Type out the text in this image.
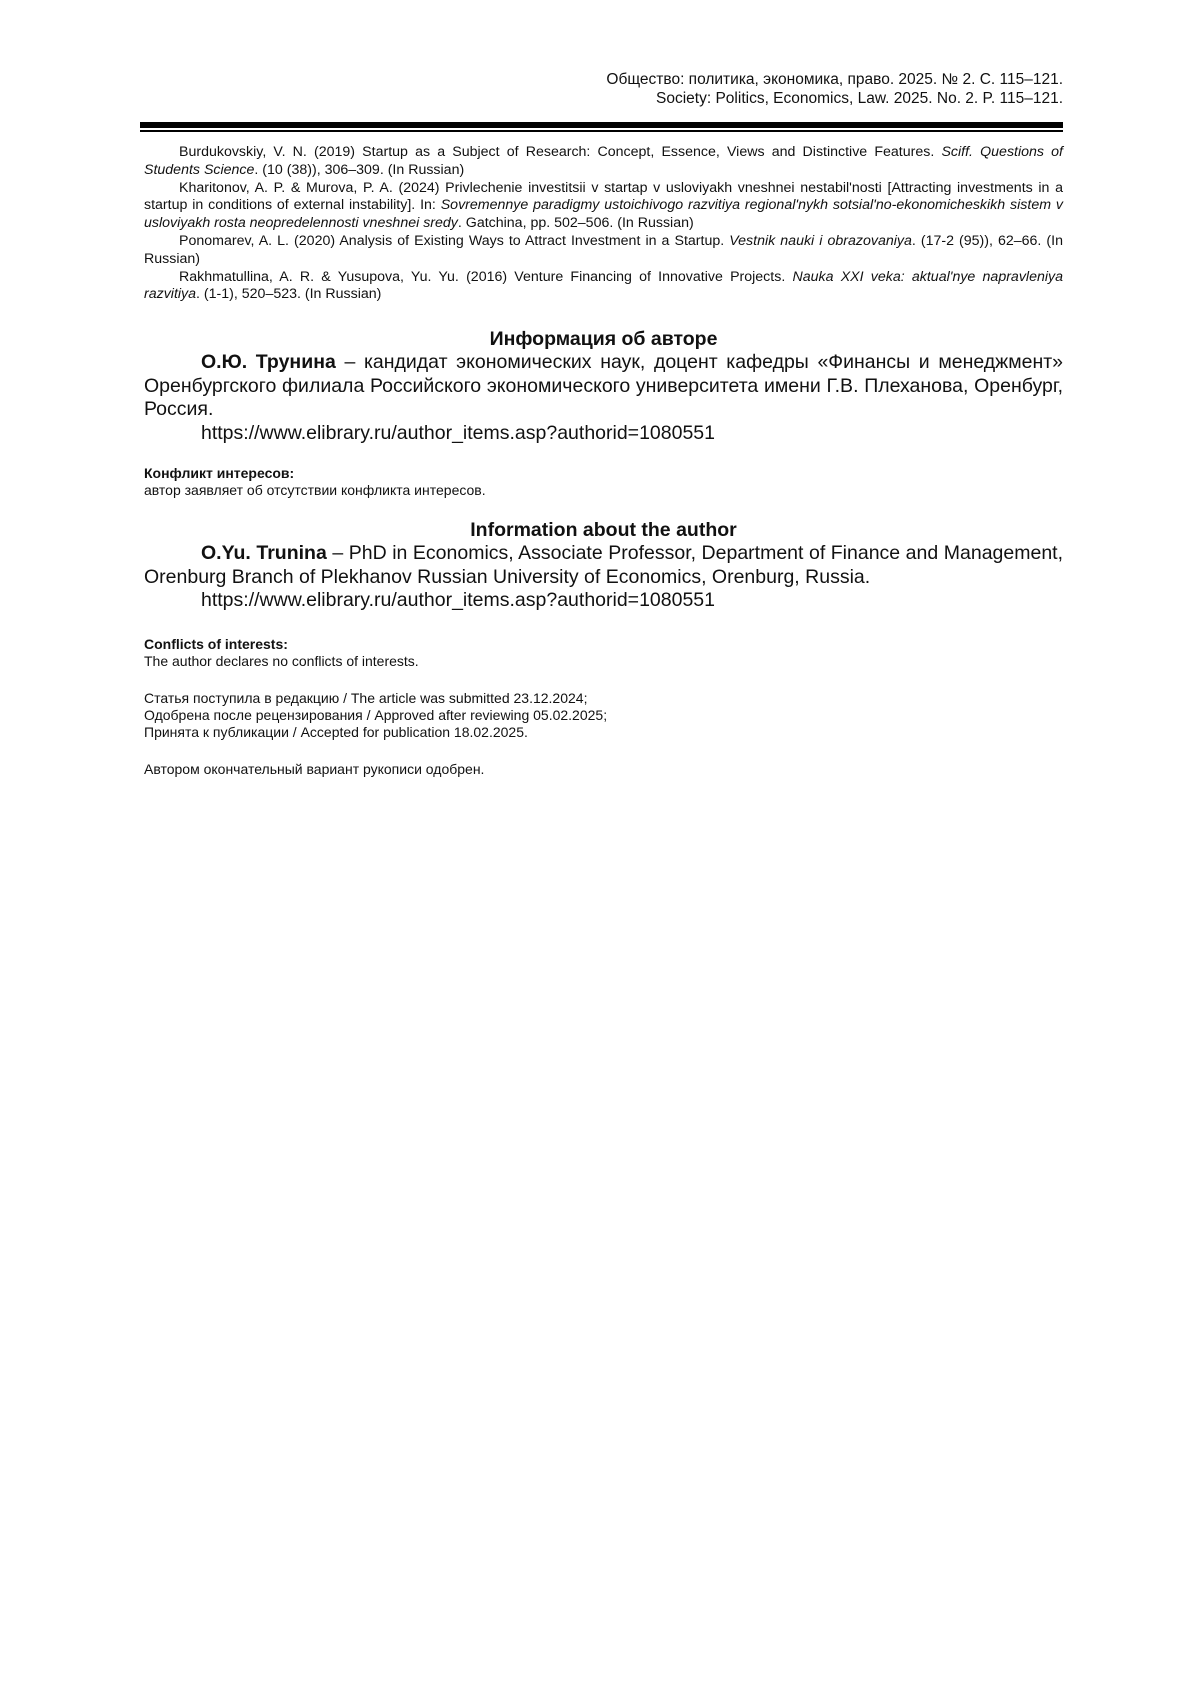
Общество: политика, экономика, право. 2025. № 2. С. 115–121.
Society: Politics, Economics, Law. 2025. No. 2. P. 115–121.

Burdukovskiy, V. N. (2019) Startup as a Subject of Research: Concept, Essence, Views and Distinctive Features. Sciff. Questions of Students Science. (10 (38)), 306–309. (In Russian)

Kharitonov, A. P. & Murova, P. A. (2024) Privlechenie investitsii v startap v usloviyakh vneshnei nestabil'nosti [Attracting investments in a startup in conditions of external instability]. In: Sovremennye paradigmy ustoichivogo razvitiya regional'nykh sotsial'no-ekonomicheskikh sistem v usloviyakh rosta neopredelennosti vneshnei sredy. Gatchina, pp. 502–506. (In Russian)

Ponomarev, A. L. (2020) Analysis of Existing Ways to Attract Investment in a Startup. Vestnik nauki i obrazovaniya. (17-2 (95)), 62–66. (In Russian)

Rakhmatullina, A. R. & Yusupova, Yu. Yu. (2016) Venture Financing of Innovative Projects. Nauka XXI veka: aktual'nye napravleniya razvitiya. (1-1), 520–523. (In Russian)

Информация об авторе

О.Ю. Трунина – кандидат экономических наук, доцент кафедры «Финансы и менеджмент» Оренбургского филиала Российского экономического университета имени Г.В. Плеханова, Оренбург, Россия.

https://www.elibrary.ru/author_items.asp?authorid=1080551

Конфликт интересов:

автор заявляет об отсутствии конфликта интересов.

Information about the author

O.Yu. Trunina – PhD in Economics, Associate Professor, Department of Finance and Management, Orenburg Branch of Plekhanov Russian University of Economics, Orenburg, Russia.

https://www.elibrary.ru/author_items.asp?authorid=1080551

Conflicts of interests:

The author declares no conflicts of interests.

Статья поступила в редакцию / The article was submitted 23.12.2024;

Одобрена после рецензирования / Approved after reviewing 05.02.2025;

Принята к публикации / Accepted for publication 18.02.2025.

Автором окончательный вариант рукописи одобрен.
